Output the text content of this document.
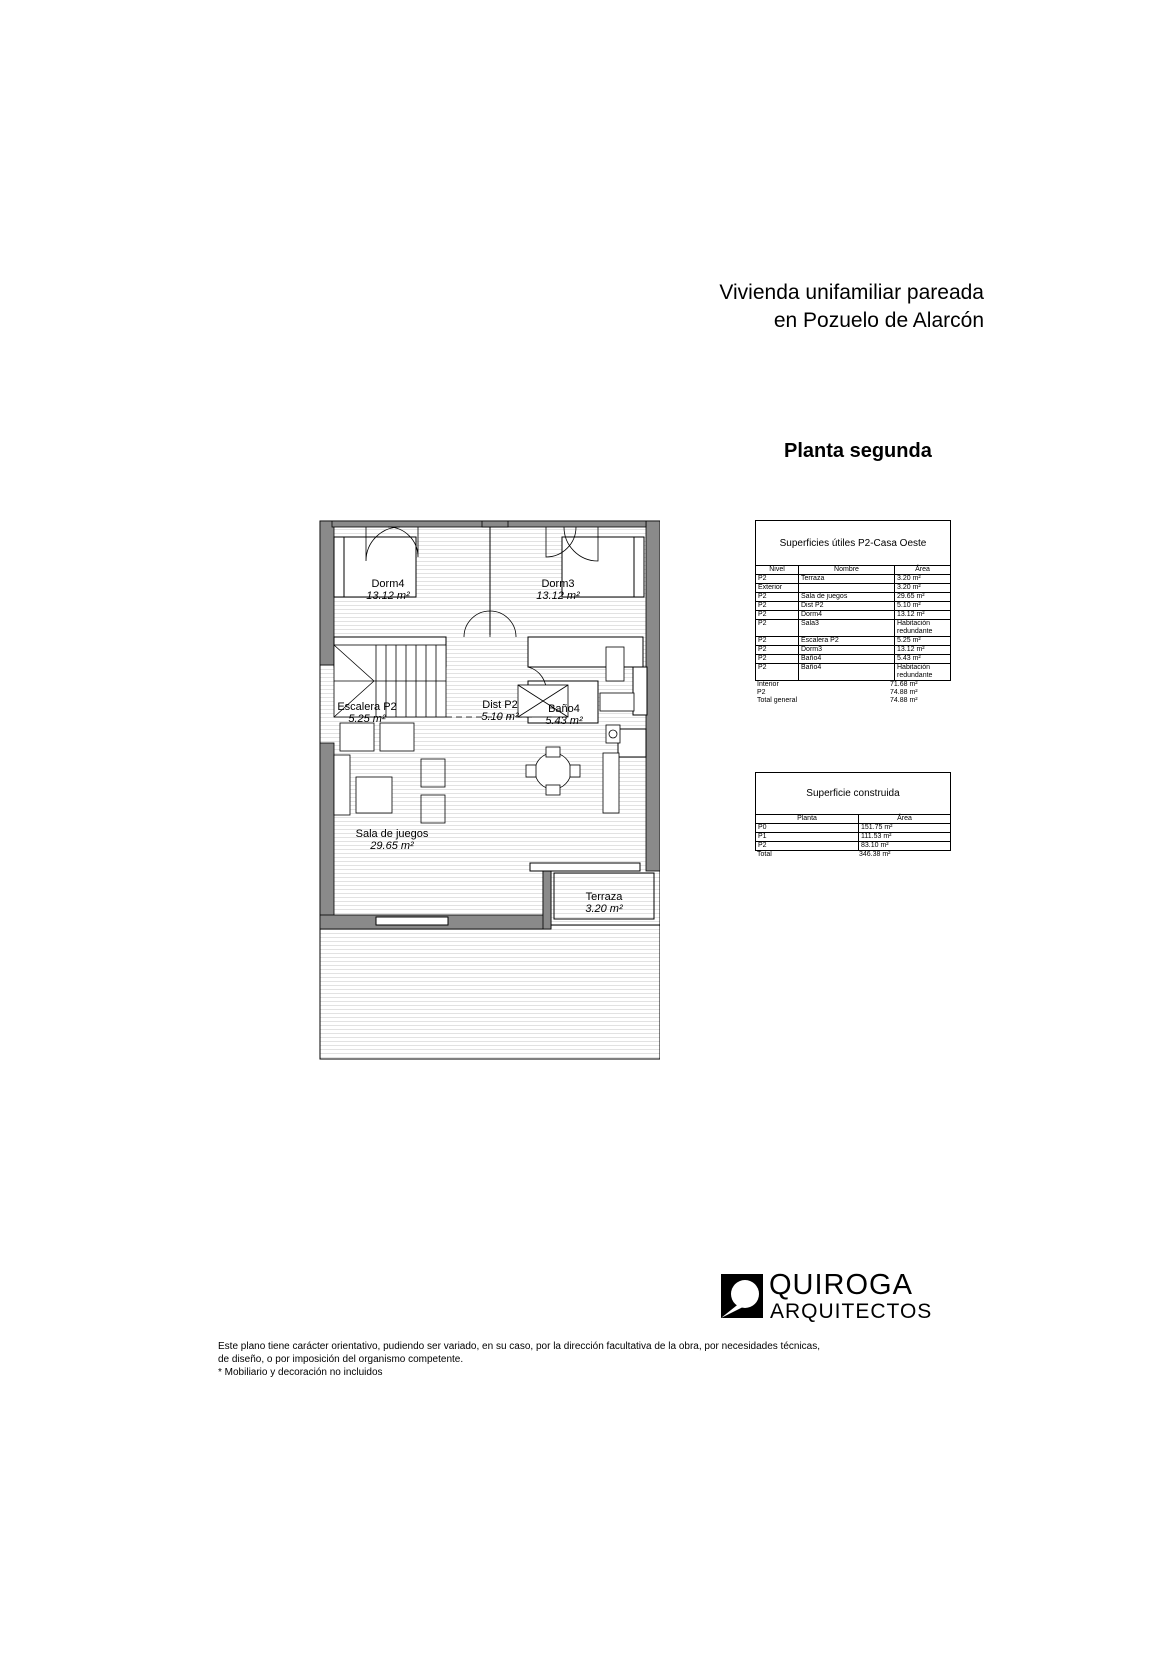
Vivienda unifamiliar pareada
en Pozuelo de Alarcón
Planta segunda
Dorm4
13.12 m²
Dorm3
13.12 m²
Escalera P2
5.25 m²
Dist P2
5.10 m²
Baño4
5.43 m²
Sala de juegos
29.65 m²
Terraza
3.20 m²
Superficies útiles P2-Casa Oeste
Nivel	Nombre	Área
P2	Terraza	3.20 m²
Exterior		3.20 m²
P2	Sala de juegos	29.65 m²
P2	Dist P2	5.10 m²
P2	Dorm4	13.12 m²
P2	Sala3	Habitación redundante
P2	Escalera P2	5.25 m²
P2	Dorm3	13.12 m²
P2	Baño4	5.43 m²
P2	Baño4	Habitación redundante
Interior	71.68 m²
P2	74.88 m²
Total general	74.88 m²
Superficie construida
Planta	Área
P0	151.75 m²
P1	111.53 m²
P2	83.10 m²
Total	346.38 m²
QUIROGA
ARQUITECTOS
Este plano tiene carácter orientativo, pudiendo ser variado, en su caso, por la dirección facultativa de la obra, por necesidades técnicas,
de diseño, o por imposición del organismo competente.
* Mobiliario y decoración no incluidos
